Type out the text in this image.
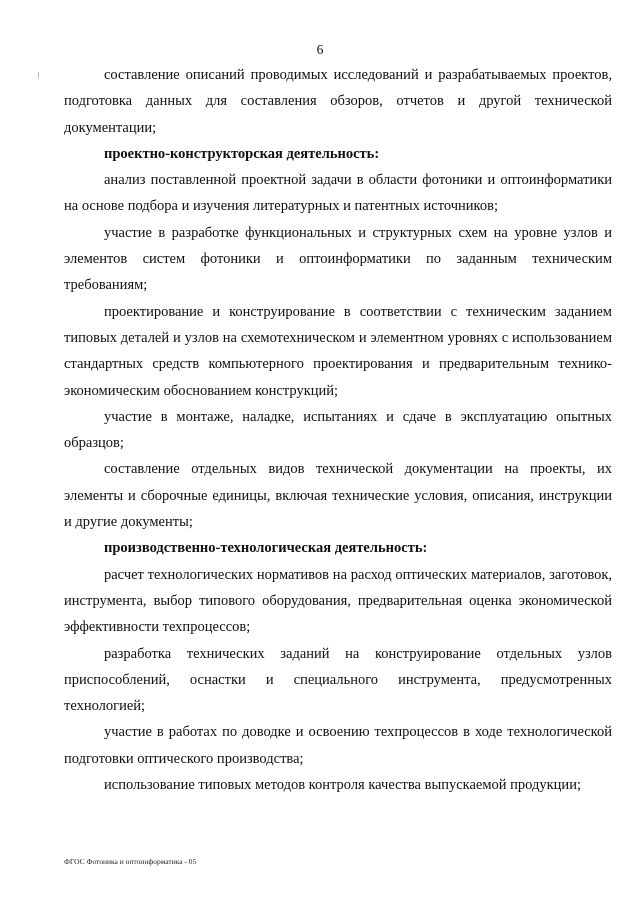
6

составление описаний проводимых исследований и разрабатываемых проектов, подготовка данных для составления обзоров, отчетов и другой технической документации;

проектно-конструкторская деятельность:

анализ поставленной проектной задачи в области фотоники и оптоинформатики на основе подбора и изучения литературных и патентных источников;

участие в разработке функциональных и структурных схем на уровне узлов и элементов систем фотоники и оптоинформатики по заданным техническим требованиям;

проектирование и конструирование в соответствии с техническим заданием типовых деталей и узлов на схемотехническом и элементном уровнях с использованием стандартных средств компьютерного проектирования и предварительным технико-экономическим обоснованием конструкций;

участие в монтаже, наладке, испытаниях и сдаче в эксплуатацию опытных образцов;

составление отдельных видов технической документации на проекты, их элементы и сборочные единицы, включая технические условия, описания, инструкции и другие документы;

производственно-технологическая деятельность:

расчет технологических нормативов на расход оптических материалов, заготовок, инструмента, выбор типового оборудования, предварительная оценка экономической эффективности техпроцессов;

разработка технических заданий на конструирование отдельных узлов приспособлений, оснастки и специального инструмента, предусмотренных технологией;

участие в работах по доводке и освоению техпроцессов в ходе технологической подготовки оптического производства;

использование типовых методов контроля качества выпускаемой продукции;

ФГОС Фотоника и оптоинформатика - 05
